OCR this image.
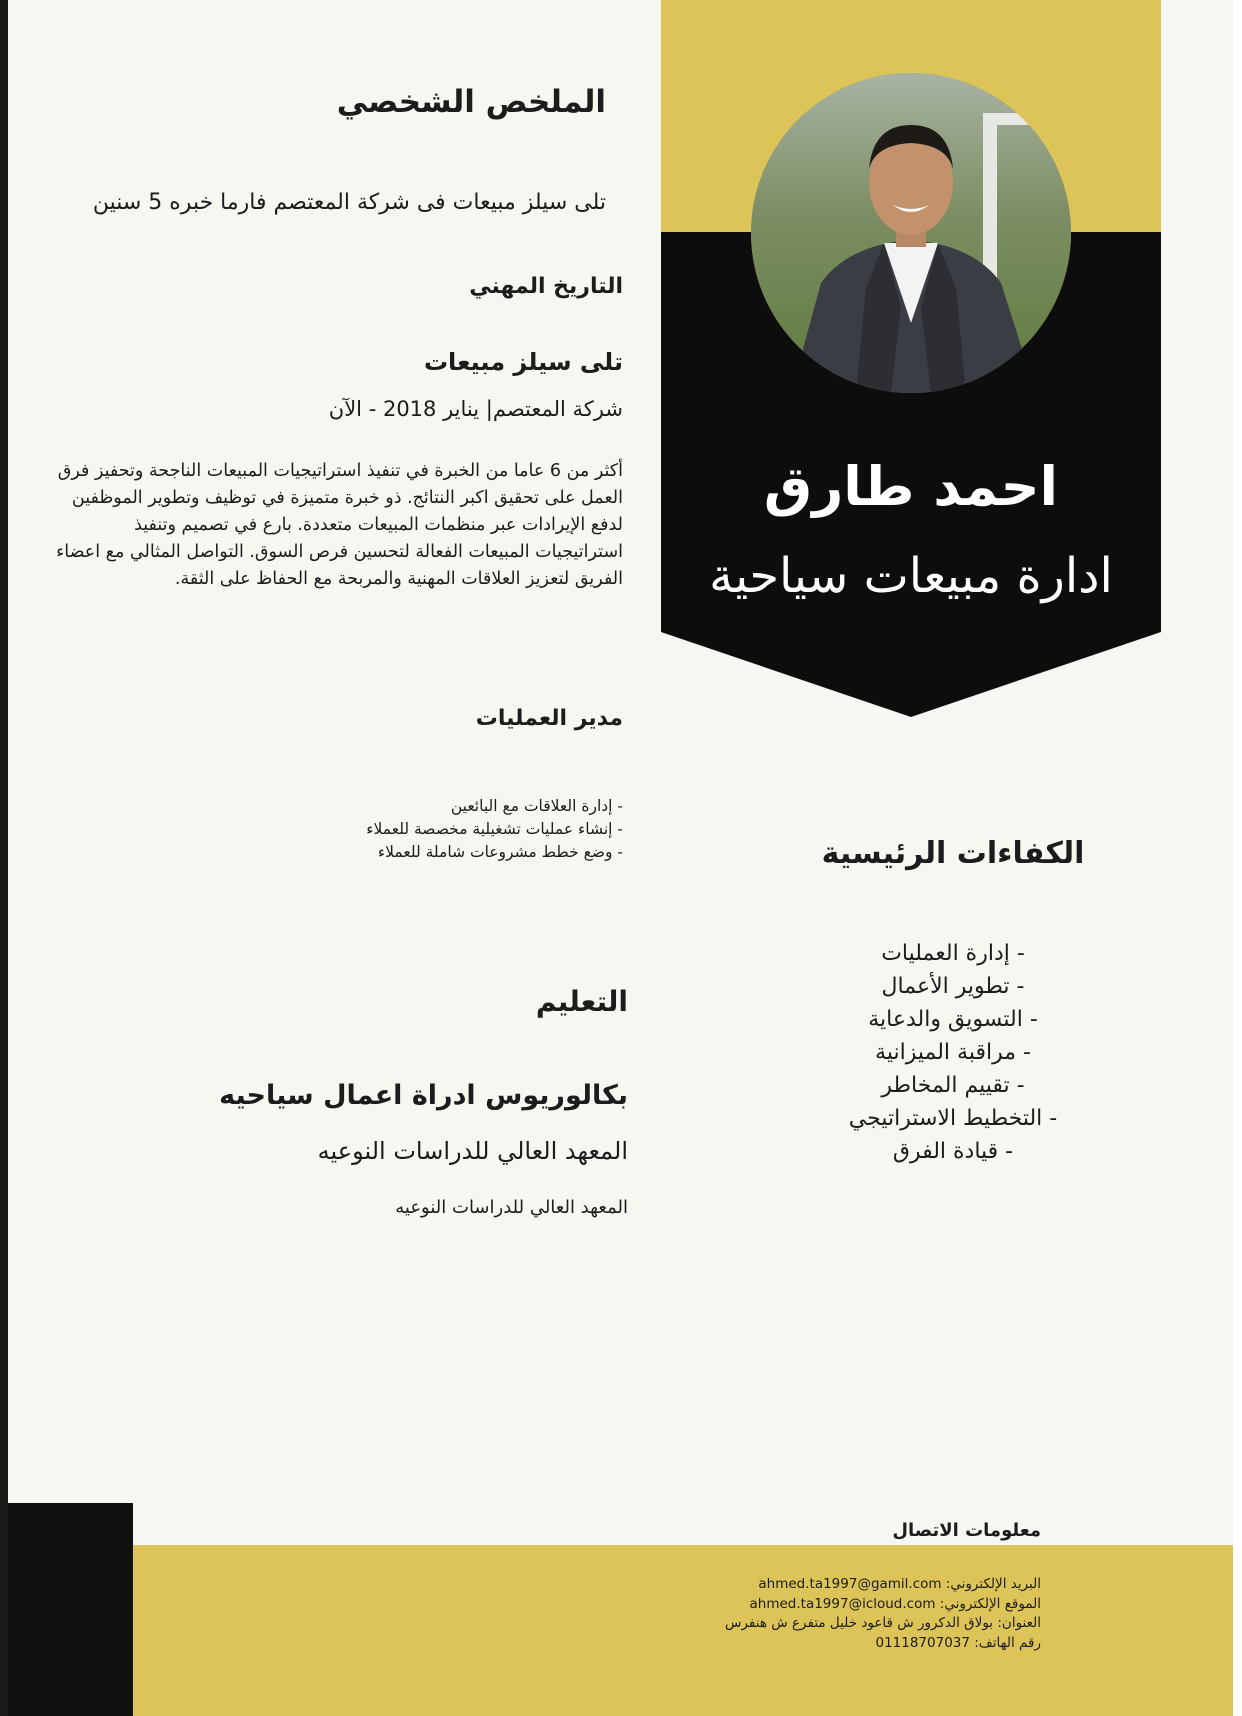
احمد طارق
ادارة مبيعات سياحية
الملخص الشخصي
تلى سيلز مبيعات فى شركة المعتصم فارما خبره 5 سنين
التاريخ المهني
تلى سيلز مبيعات
شركة المعتصم| يناير 2018 - الآن
أكثر من 6 عاما من الخبرة في تنفيذ استراتيجيات المبيعات الناجحة وتحفيز فرق العمل على تحقيق اكبر النتائج. ذو خبرة متميزة في توظيف وتطوير الموظفين لدفع الإيرادات عبر منظمات المبيعات متعددة. بارع في تصميم وتنفيذ استراتيجيات المبيعات الفعالة لتحسين فرص السوق. التواصل المثالي مع اعضاء الفريق لتعزيز العلاقات المهنية والمربحة مع الحفاظ على الثقة.
مدير العمليات
- إدارة العلاقات مع البائعين
- إنشاء عمليات تشغيلية مخصصة للعملاء
- وضع خطط مشروعات شاملة للعملاء
التعليم
بكالوريوس ادراة اعمال سياحيه
المعهد العالي للدراسات النوعيه
المعهد العالي للدراسات النوعيه
الكفاءات الرئيسية
- إدارة العمليات
- تطوير الأعمال
- التسويق والدعاية
- مراقبة الميزانية
- تقييم المخاطر
- التخطيط الاستراتيجي
- قيادة الفرق
معلومات الاتصال
البريد الإلكتروني: ahmed.ta1997@gamil.com
الموقع الإلكتروني: ahmed.ta1997@icloud.com
العنوان: بولاق الدكرور ش قاعود خليل متفرع ش هنفرس
رقم الهاتف: 01118707037
